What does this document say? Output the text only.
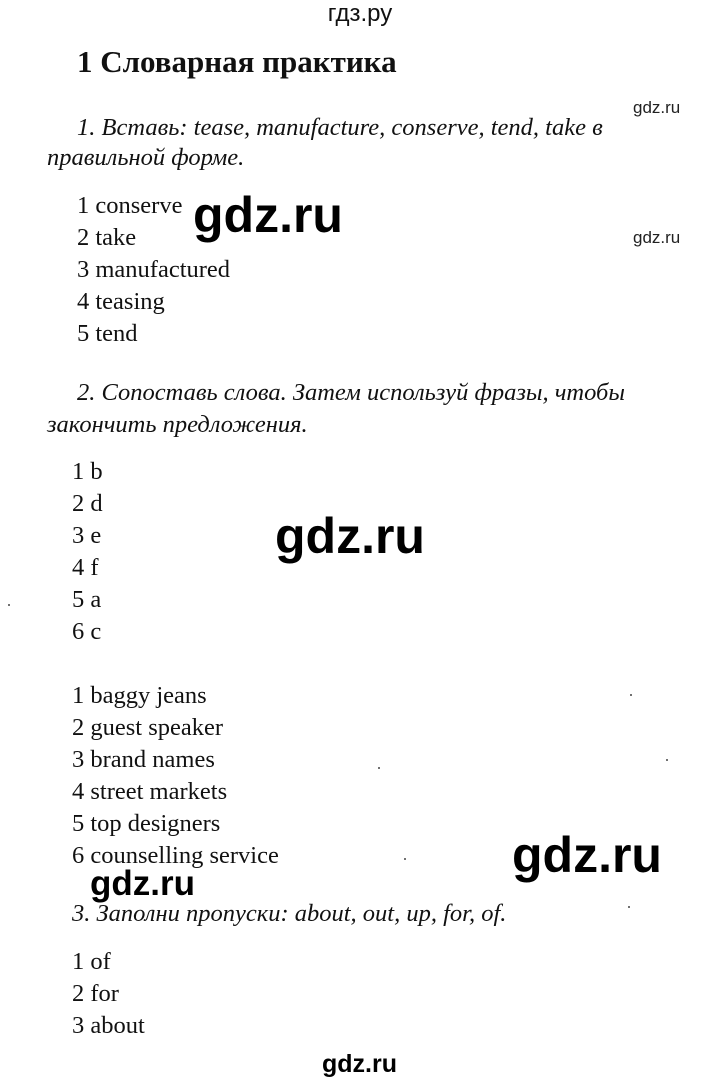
гдз.ру
1 Словарная практика
1. Вставь: tease, manufacture, conserve, tend, take в
правильной форме.
1 conserve
2 take
3 manufactured
4 teasing
5 tend
2. Сопоставь слова. Затем используй фразы, чтобы
закончить предложения.
1 b
2 d
3 e
4 f
5 a
6 c
1 baggy jeans
2 guest speaker
3 brand names
4 street markets
5 top designers
6 counselling service
3. Заполни пропуски: about, out, up, for, of.
1 of
2 for
3 about
gdz.ru
gdz.ru
gdz.ru
gdz.ru
gdz.ru
gdz.ru
gdz.ru
